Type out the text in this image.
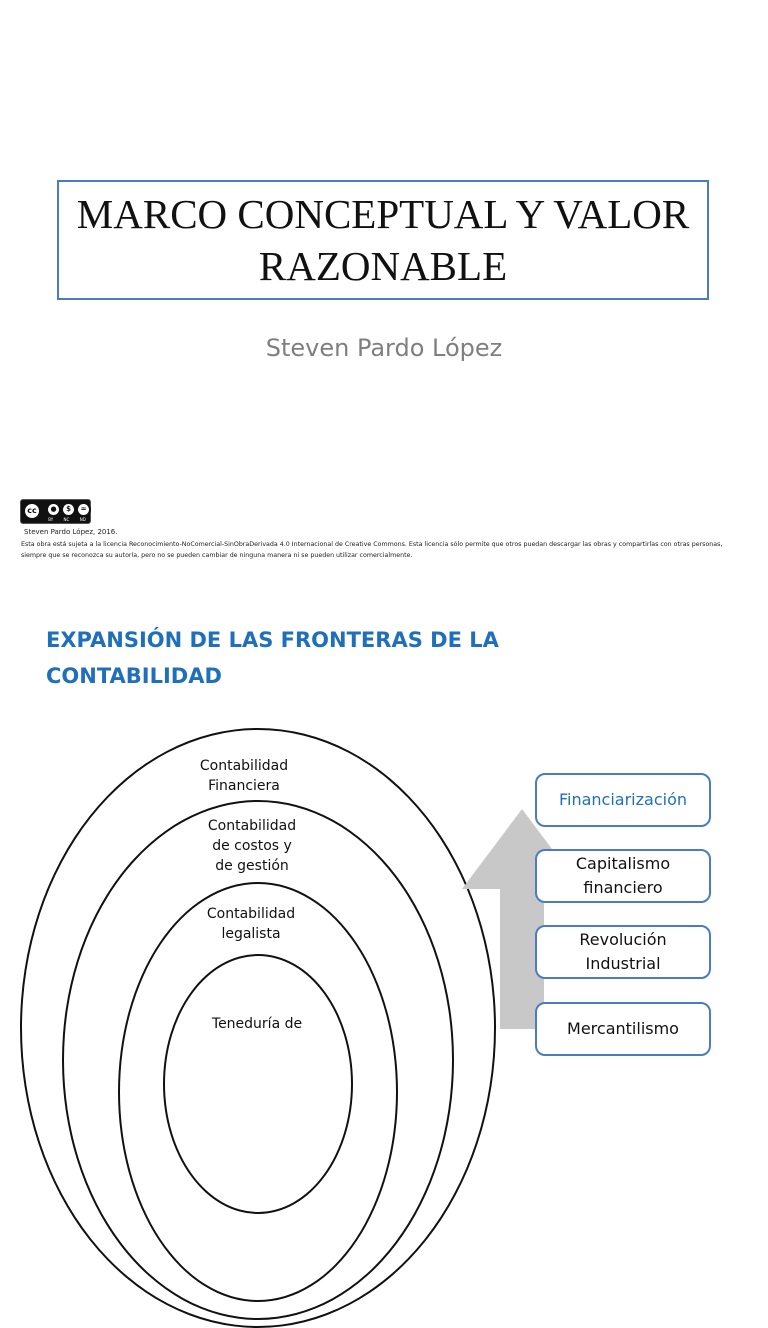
MARCO CONCEPTUAL Y VALOR RAZONABLE
Steven Pardo López
cc	●	$	=
BY	NC	ND
Steven Pardo López, 2016.
Esta obra está sujeta a la licencia Reconocimiento-NoComercial-SinObraDerivada 4.0 Internacional de Creative Commons. Esta licencia sólo permite que otros puedan descargar las obras y compartirlas con otras personas, siempre que se reconozca su autoría, pero no se pueden cambiar de ninguna manera ni se pueden utilizar comercialmente.
EXPANSIÓN DE LAS FRONTERAS DE LA CONTABILIDAD
Contabilidad
Financiera
Contabilidad
de costos y
de gestión
Contabilidad
legalista
Teneduría de
Financiarización
Capitalismo
financiero
Revolución
Industrial
Mercantilismo
